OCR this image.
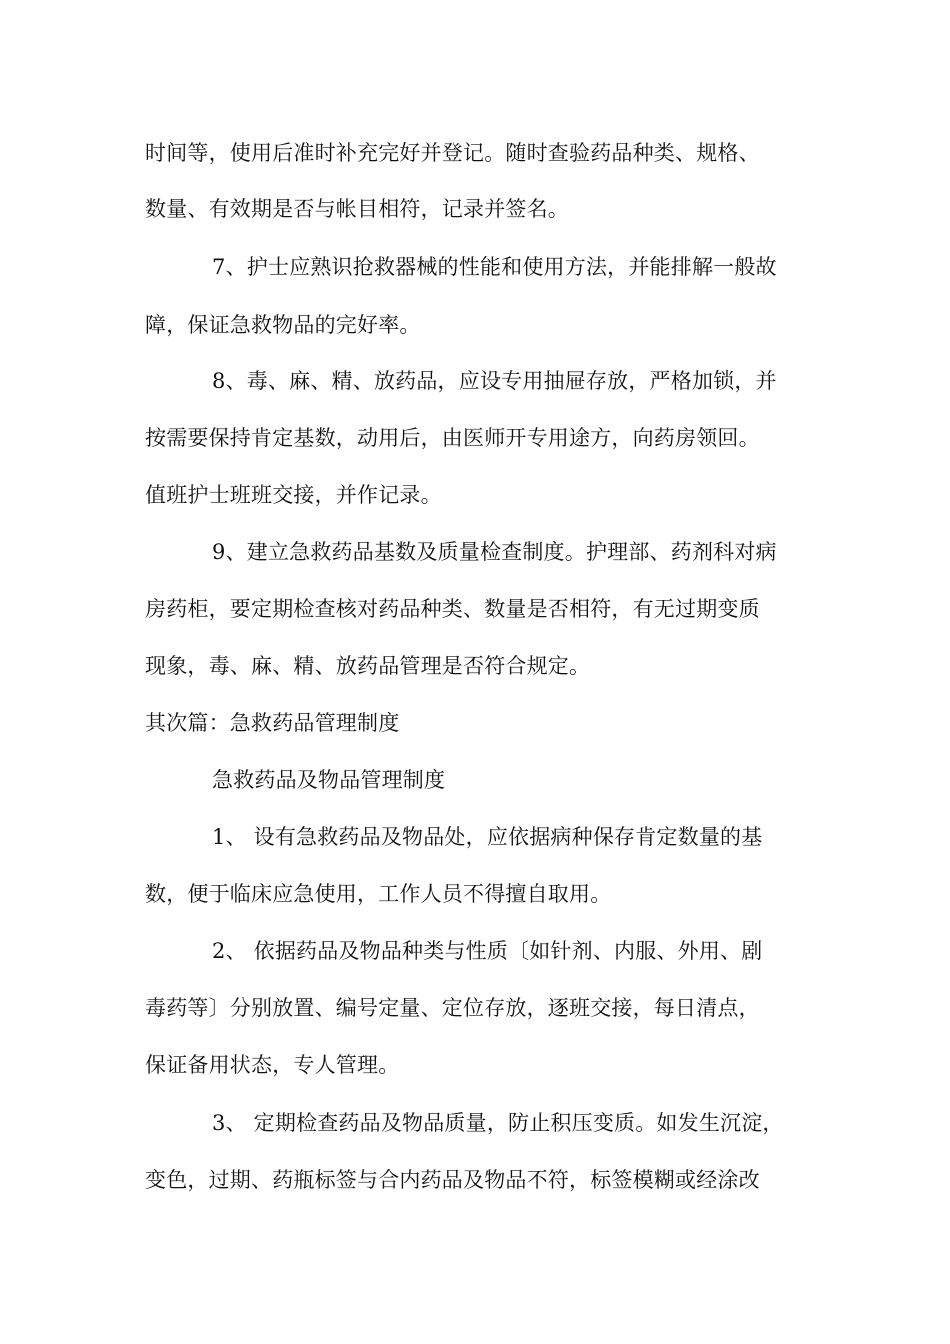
时间等，使用后准时补充完好并登记。随时查验药品种类、规格、
数量、有效期是否与帐目相符，记录并签名。
7、护士应熟识抢救器械的性能和使用方法，并能排解一般故
障，保证急救物品的完好率。
8、毒、麻、精、放药品，应设专用抽屉存放，严格加锁，并
按需要保持肯定基数，动用后，由医师开专用途方，向药房领回。
值班护士班班交接，并作记录。
9、建立急救药品基数及质量检查制度。护理部、药剂科对病
房药柜，要定期检查核对药品种类、数量是否相符，有无过期变质
现象，毒、麻、精、放药品管理是否符合规定。
其次篇：急救药品管理制度
急救药品及物品管理制度
1、 设有急救药品及物品处，应依据病种保存肯定数量的基
数，便于临床应急使用，工作人员不得擅自取用。
2、 依据药品及物品种类与性质〔如针剂、内服、外用、剧
毒药等〕分别放置、编号定量、定位存放，逐班交接，每日清点，
保证备用状态，专人管理。
3、 定期检查药品及物品质量，防止积压变质。如发生沉淀，
变色，过期、药瓶标签与合内药品及物品不符，标签模糊或经涂改
